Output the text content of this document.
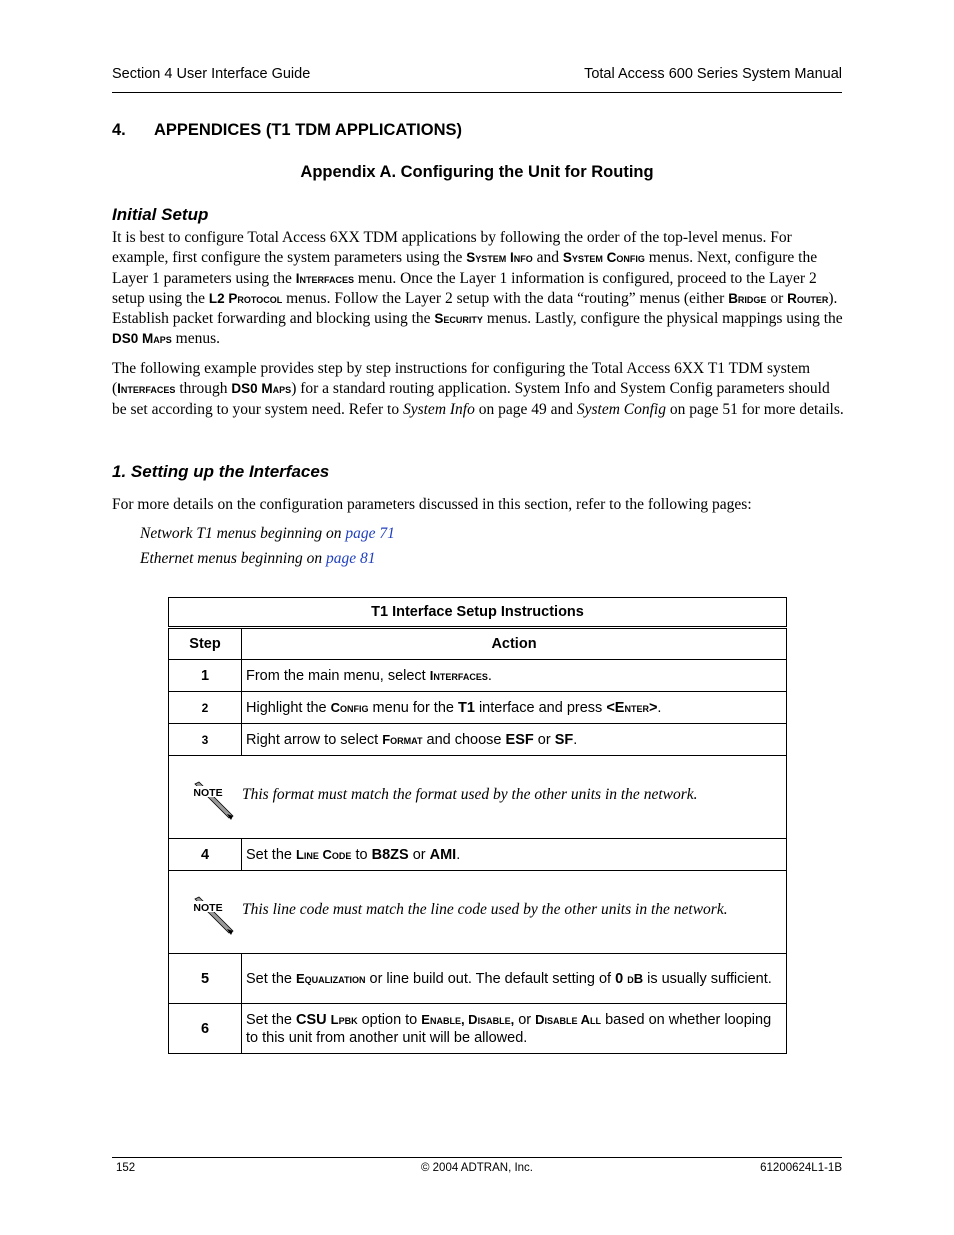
Section 4 User Interface Guide	Total Access 600 Series System Manual
4. APPENDICES (T1 TDM APPLICATIONS)
Appendix A. Configuring the Unit for Routing
Initial Setup
It is best to configure Total Access 6XX TDM applications by following the order of the top-level menus. For example, first configure the system parameters using the System Info and System Config menus. Next, configure the Layer 1 parameters using the Interfaces menu. Once the Layer 1 information is configured, proceed to the Layer 2 setup using the L2 Protocol menus. Follow the Layer 2 setup with the data “routing” menus (either Bridge or Router). Establish packet forwarding and blocking using the Security menus. Lastly, configure the physical mappings using the DS0 Maps menus.
The following example provides step by step instructions for configuring the Total Access 6XX T1 TDM system (Interfaces through DS0 Maps) for a standard routing application. System Info and System Config parameters should be set according to your system need. Refer to System Info on page 49 and System Config on page 51 for more details.
1. Setting up the Interfaces
For more details on the configuration parameters discussed in this section, refer to the following pages:
Network T1 menus beginning on page 71
Ethernet menus beginning on page 81
T1 Interface Setup Instructions	
Step	Action
1	From the main menu, select Interfaces.
2	Highlight the Config menu for the T1 interface and press <Enter>.
3	Right arrow to select Format and choose ESF or SF.

NOTE This format must match the format used by the other units in the network.	

4	Set the Line Code to B8ZS or AMI.

NOTE This line code must match the line code used by the other units in the network.	

5	Set the Equalization or line build out. The default setting of 0 dB is usually sufficient.
6	Set the CSU Lpbk option to Enable, Disable, or Disable All based on whether looping to this unit from another unit will be allowed.
152	© 2004 ADTRAN, Inc.	61200624L1-1B
